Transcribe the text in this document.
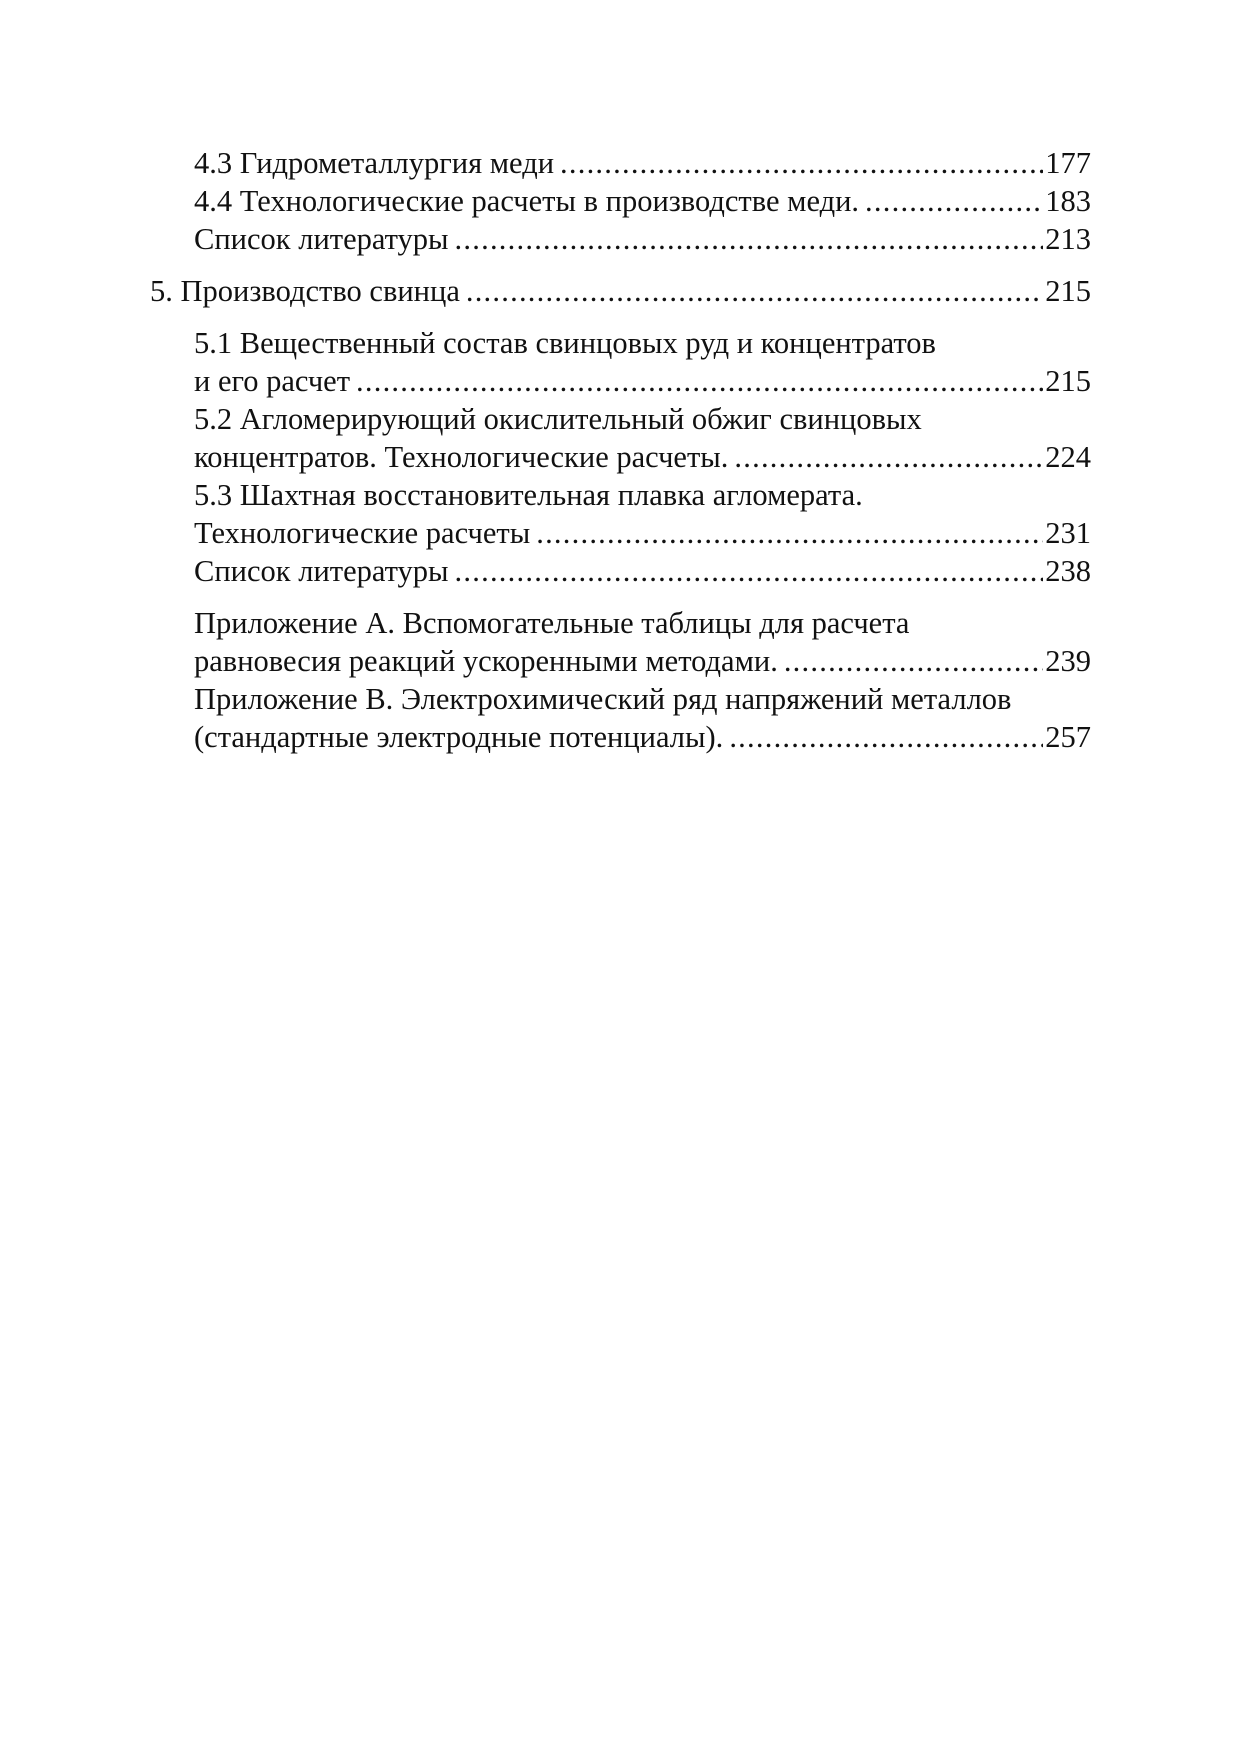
4.3 Гидрометаллургия меди . . .	177
4.4 Технологические расчеты в производстве меди. . . .	183
Список литературы . . .	213
5. Производство свинца . . .	215
5.1 Вещественный состав свинцовых руд и концентратов
и его расчет . . .	215
5.2 Агломерирующий окислительный обжиг свинцовых
концентратов. Технологические расчеты. . . .	224
5.3 Шахтная восстановительная плавка агломерата.
Технологические расчеты . . .	231
Список литературы . . .	238
Приложение А. Вспомогательные таблицы для расчета
равновесия реакций ускоренными методами. . . .	239
Приложение В. Электрохимический ряд напряжений металлов
(стандартные электродные потенциалы). . . .	257
